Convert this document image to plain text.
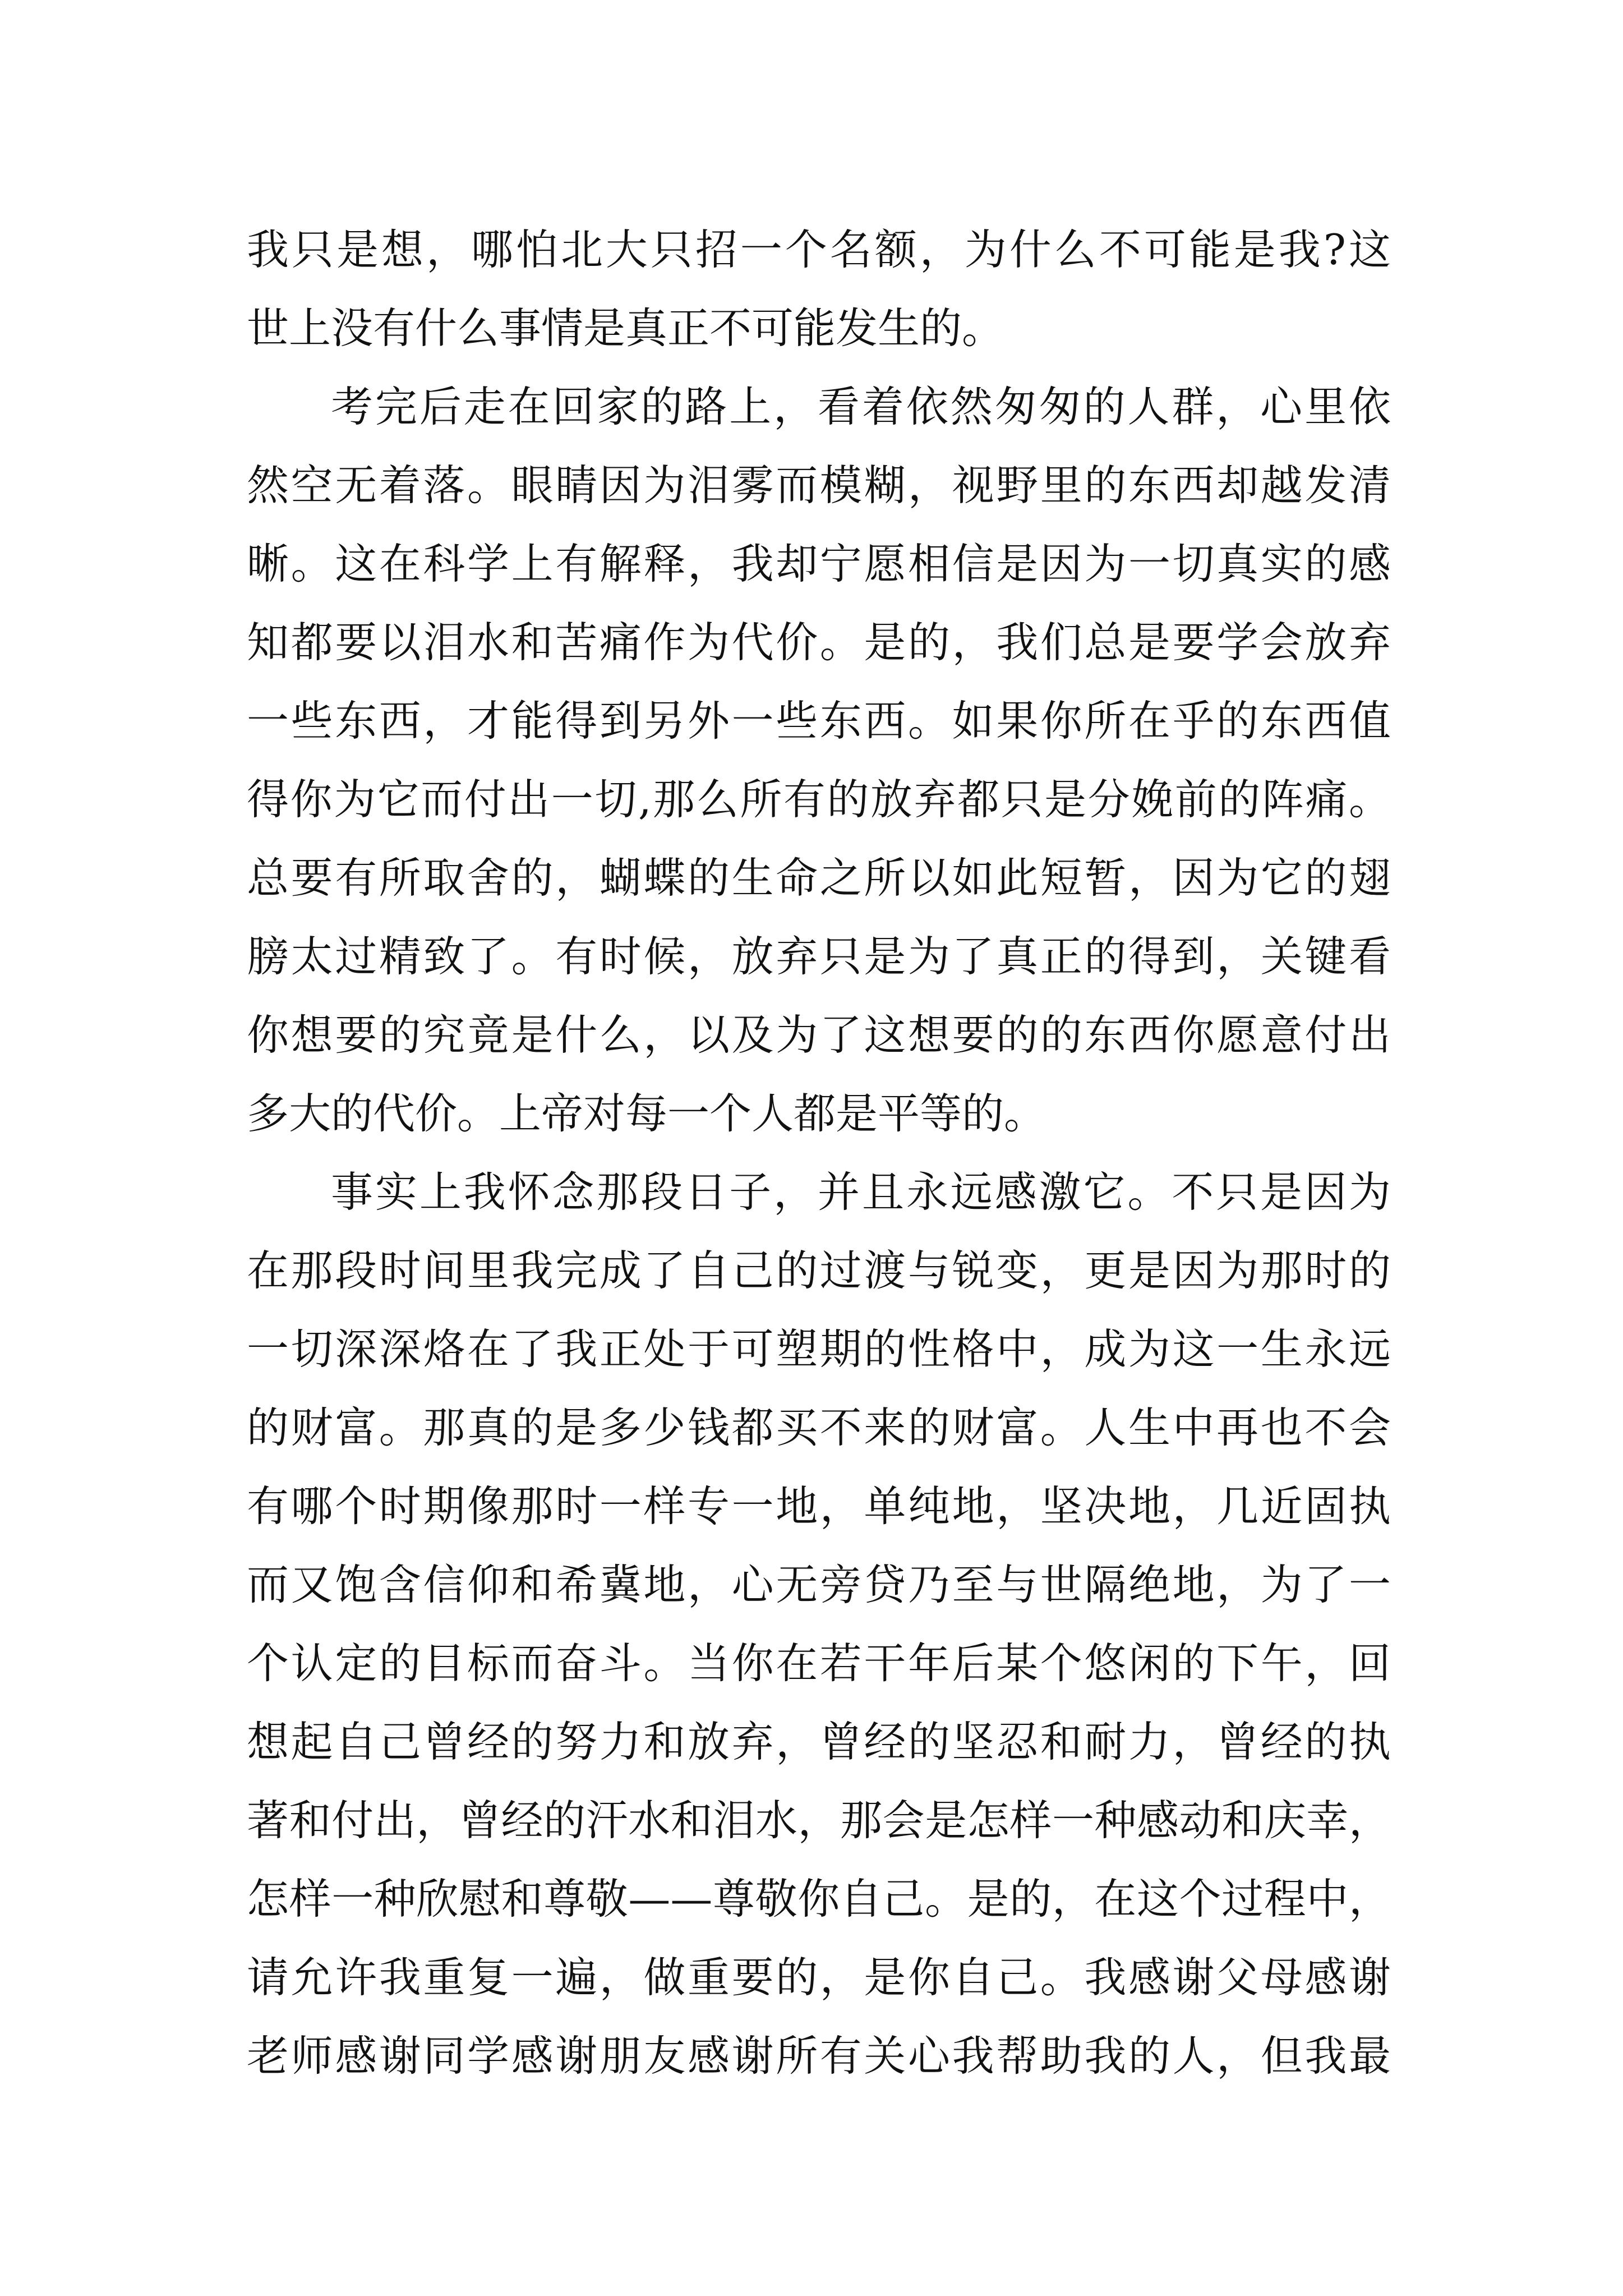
我只是想，哪怕北大只招一个名额，为什么不可能是我?这
世上没有什么事情是真正不可能发生的。
考完后走在回家的路上，看着依然匆匆的人群，心里依
然空无着落。眼睛因为泪雾而模糊，视野里的东西却越发清
晰。这在科学上有解释，我却宁愿相信是因为一切真实的感
知都要以泪水和苦痛作为代价。是的，我们总是要学会放弃
一些东西，才能得到另外一些东西。如果你所在乎的东西值
得你为它而付出一切,那么所有的放弃都只是分娩前的阵痛。
总要有所取舍的，蝴蝶的生命之所以如此短暂，因为它的翅
膀太过精致了。有时候，放弃只是为了真正的得到，关键看
你想要的究竟是什么，以及为了这想要的的东西你愿意付出
多大的代价。上帝对每一个人都是平等的。
事实上我怀念那段日子，并且永远感激它。不只是因为
在那段时间里我完成了自己的过渡与锐变，更是因为那时的
一切深深烙在了我正处于可塑期的性格中，成为这一生永远
的财富。那真的是多少钱都买不来的财富。人生中再也不会
有哪个时期像那时一样专一地，单纯地，坚决地，几近固执
而又饱含信仰和希冀地，心无旁贷乃至与世隔绝地，为了一
个认定的目标而奋斗。当你在若干年后某个悠闲的下午，回
想起自己曾经的努力和放弃，曾经的坚忍和耐力，曾经的执
著和付出，曾经的汗水和泪水，那会是怎样一种感动和庆幸，
怎样一种欣慰和尊敬——尊敬你自己。是的，在这个过程中，
请允许我重复一遍，做重要的，是你自己。我感谢父母感谢
老师感谢同学感谢朋友感谢所有关心我帮助我的人，但我最
